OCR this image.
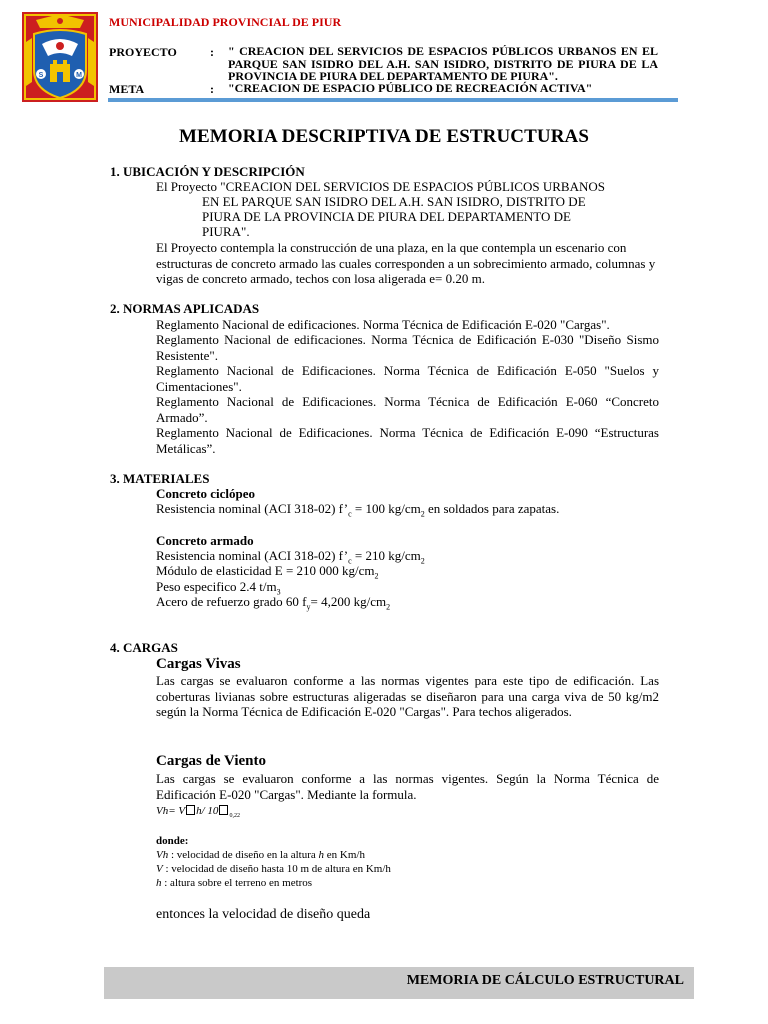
S	M
MUNICIPALIDAD PROVINCIAL DE PIUR
PROYECTO	: " CREACION DEL SERVICIOS DE ESPACIOS PÚBLICOS URBANOS EN EL PARQUE SAN ISIDRO DEL A.H. SAN ISIDRO, DISTRITO DE PIURA DE LA PROVINCIA DE PIURA DEL DEPARTAMENTO DE PIURA".
META	: "CREACION DE ESPACIO PÚBLICO DE RECREACIÓN ACTIVA"
MEMORIA DESCRIPTIVA DE ESTRUCTURAS
1. UBICACIÓN Y DESCRIPCIÓN
El Proyecto "CREACION DEL SERVICIOS DE ESPACIOS PÚBLICOS URBANOS
EN EL PARQUE SAN ISIDRO DEL A.H. SAN ISIDRO, DISTRITO DE
PIURA DE LA PROVINCIA DE PIURA DEL DEPARTAMENTO DE
PIURA".
El Proyecto contempla la construcción de una plaza, en la que contempla un escenario con estructuras de concreto armado las cuales corresponden a un sobrecimiento armado, columnas y vigas de concreto armado, techos con losa aligerada e= 0.20 m.
2. NORMAS APLICADAS
Reglamento Nacional de edificaciones. Norma Técnica de Edificación E-020 "Cargas".
Reglamento Nacional de edificaciones. Norma Técnica de Edificación E-030 "Diseño Sismo Resistente".
Reglamento Nacional de Edificaciones. Norma Técnica de Edificación E-050 "Suelos y Cimentaciones".
Reglamento Nacional de Edificaciones. Norma Técnica de Edificación E-060 “Concreto Armado”.
Reglamento Nacional de Edificaciones. Norma Técnica de Edificación E-090 “Estructuras Metálicas”.
3. MATERIALES
Concreto ciclópeo
Resistencia nominal (ACI 318-02) $f’_c = 100$ $kg/cm_2$ en soldados para zapatas.
Concreto armado
Resistencia nominal (ACI 318-02) $f’_c = 210$ $kg/cm_2$
Módulo de elasticidad E = 210 000 $kg/cm_2$
Peso especifico 2.4 $t/m_3$
Acero de refuerzo grado 60 $f_y= 4,200$ $kg/cm_2$
4. CARGAS
Cargas Vivas
Las cargas se evaluaron conforme a las normas vigentes para este tipo de edificación. Las coberturas livianas sobre estructuras aligeradas se diseñaron para una carga viva de 50 kg/m2 según la Norma Técnica de Edificación E-020 "Cargas". Para techos aligerados.
Cargas de Viento
Las cargas se evaluaron conforme a las normas vigentes. Según la Norma Técnica de Edificación E-020 "Cargas". Mediante la formula.
Vh= V h/ 10 $_{0,22}$
donde:
Vh : velocidad de diseño en la altura h en Km/h
V : velocidad de diseño hasta 10 m de altura en Km/h
h : altura sobre el terreno en metros
entonces la velocidad de diseño queda
MEMORIA DE CÁLCULO ESTRUCTURAL
